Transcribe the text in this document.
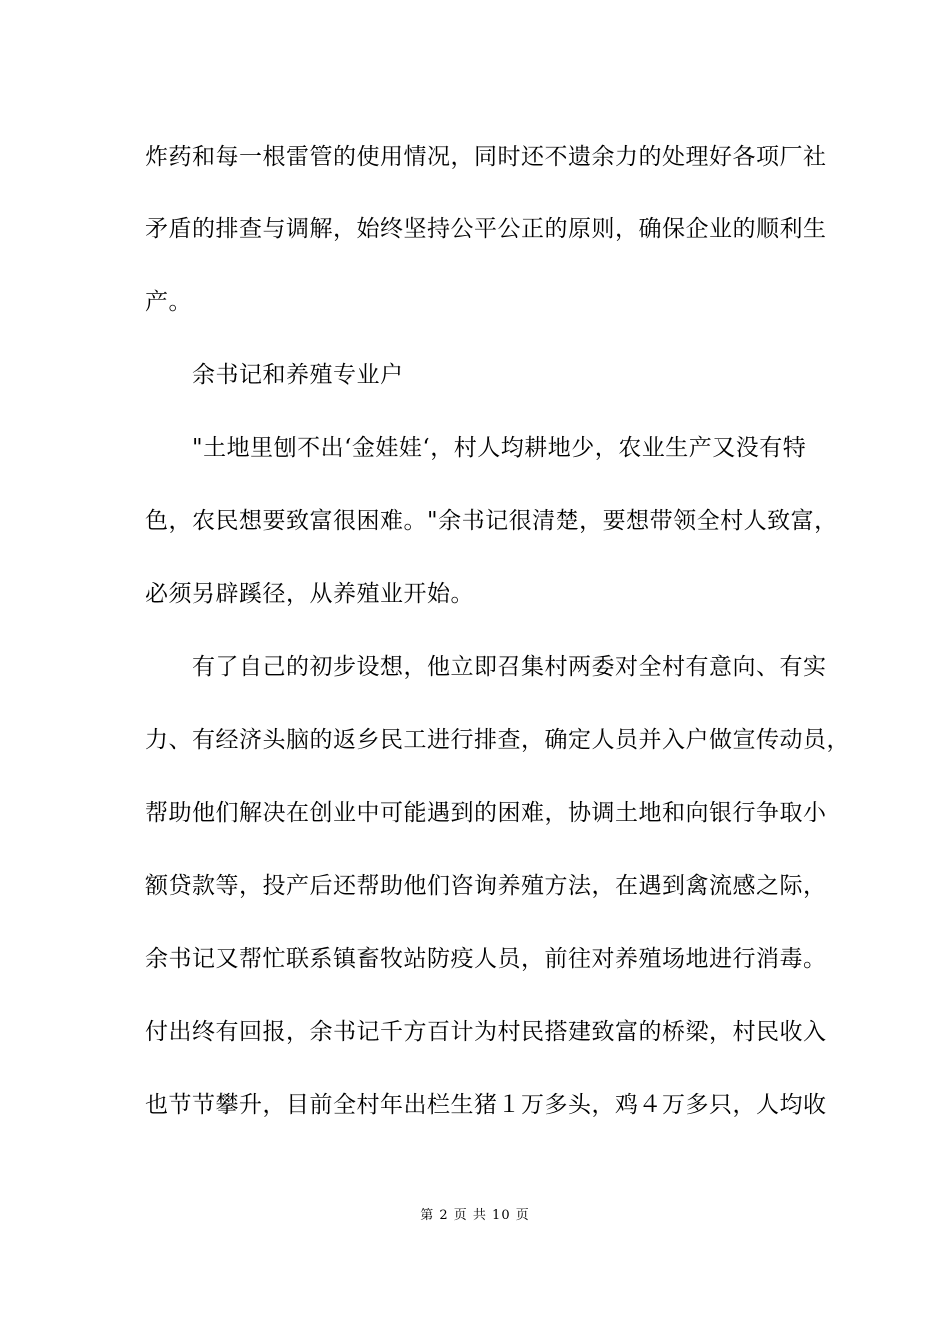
炸药和每一根雷管的使用情况，同时还不遗余力的处理好各项厂社
矛盾的排查与调解，始终坚持公平公正的原则，确保企业的顺利生
产。
余书记和养殖专业户
"土地里刨不出‘金娃娃‘，村人均耕地少，农业生产又没有特
色，农民想要致富很困难。"余书记很清楚，要想带领全村人致富，
必须另辟蹊径，从养殖业开始。
有了自己的初步设想，他立即召集村两委对全村有意向、有实
力、有经济头脑的返乡民工进行排查，确定人员并入户做宣传动员，
帮助他们解决在创业中可能遇到的困难，协调土地和向银行争取小
额贷款等，投产后还帮助他们咨询养殖方法，在遇到禽流感之际，
余书记又帮忙联系镇畜牧站防疫人员，前往对养殖场地进行消毒。
付出终有回报，余书记千方百计为村民搭建致富的桥梁，村民收入
也节节攀升，目前全村年出栏生猪１万多头，鸡４万多只，人均收
第 2 页 共 10 页
